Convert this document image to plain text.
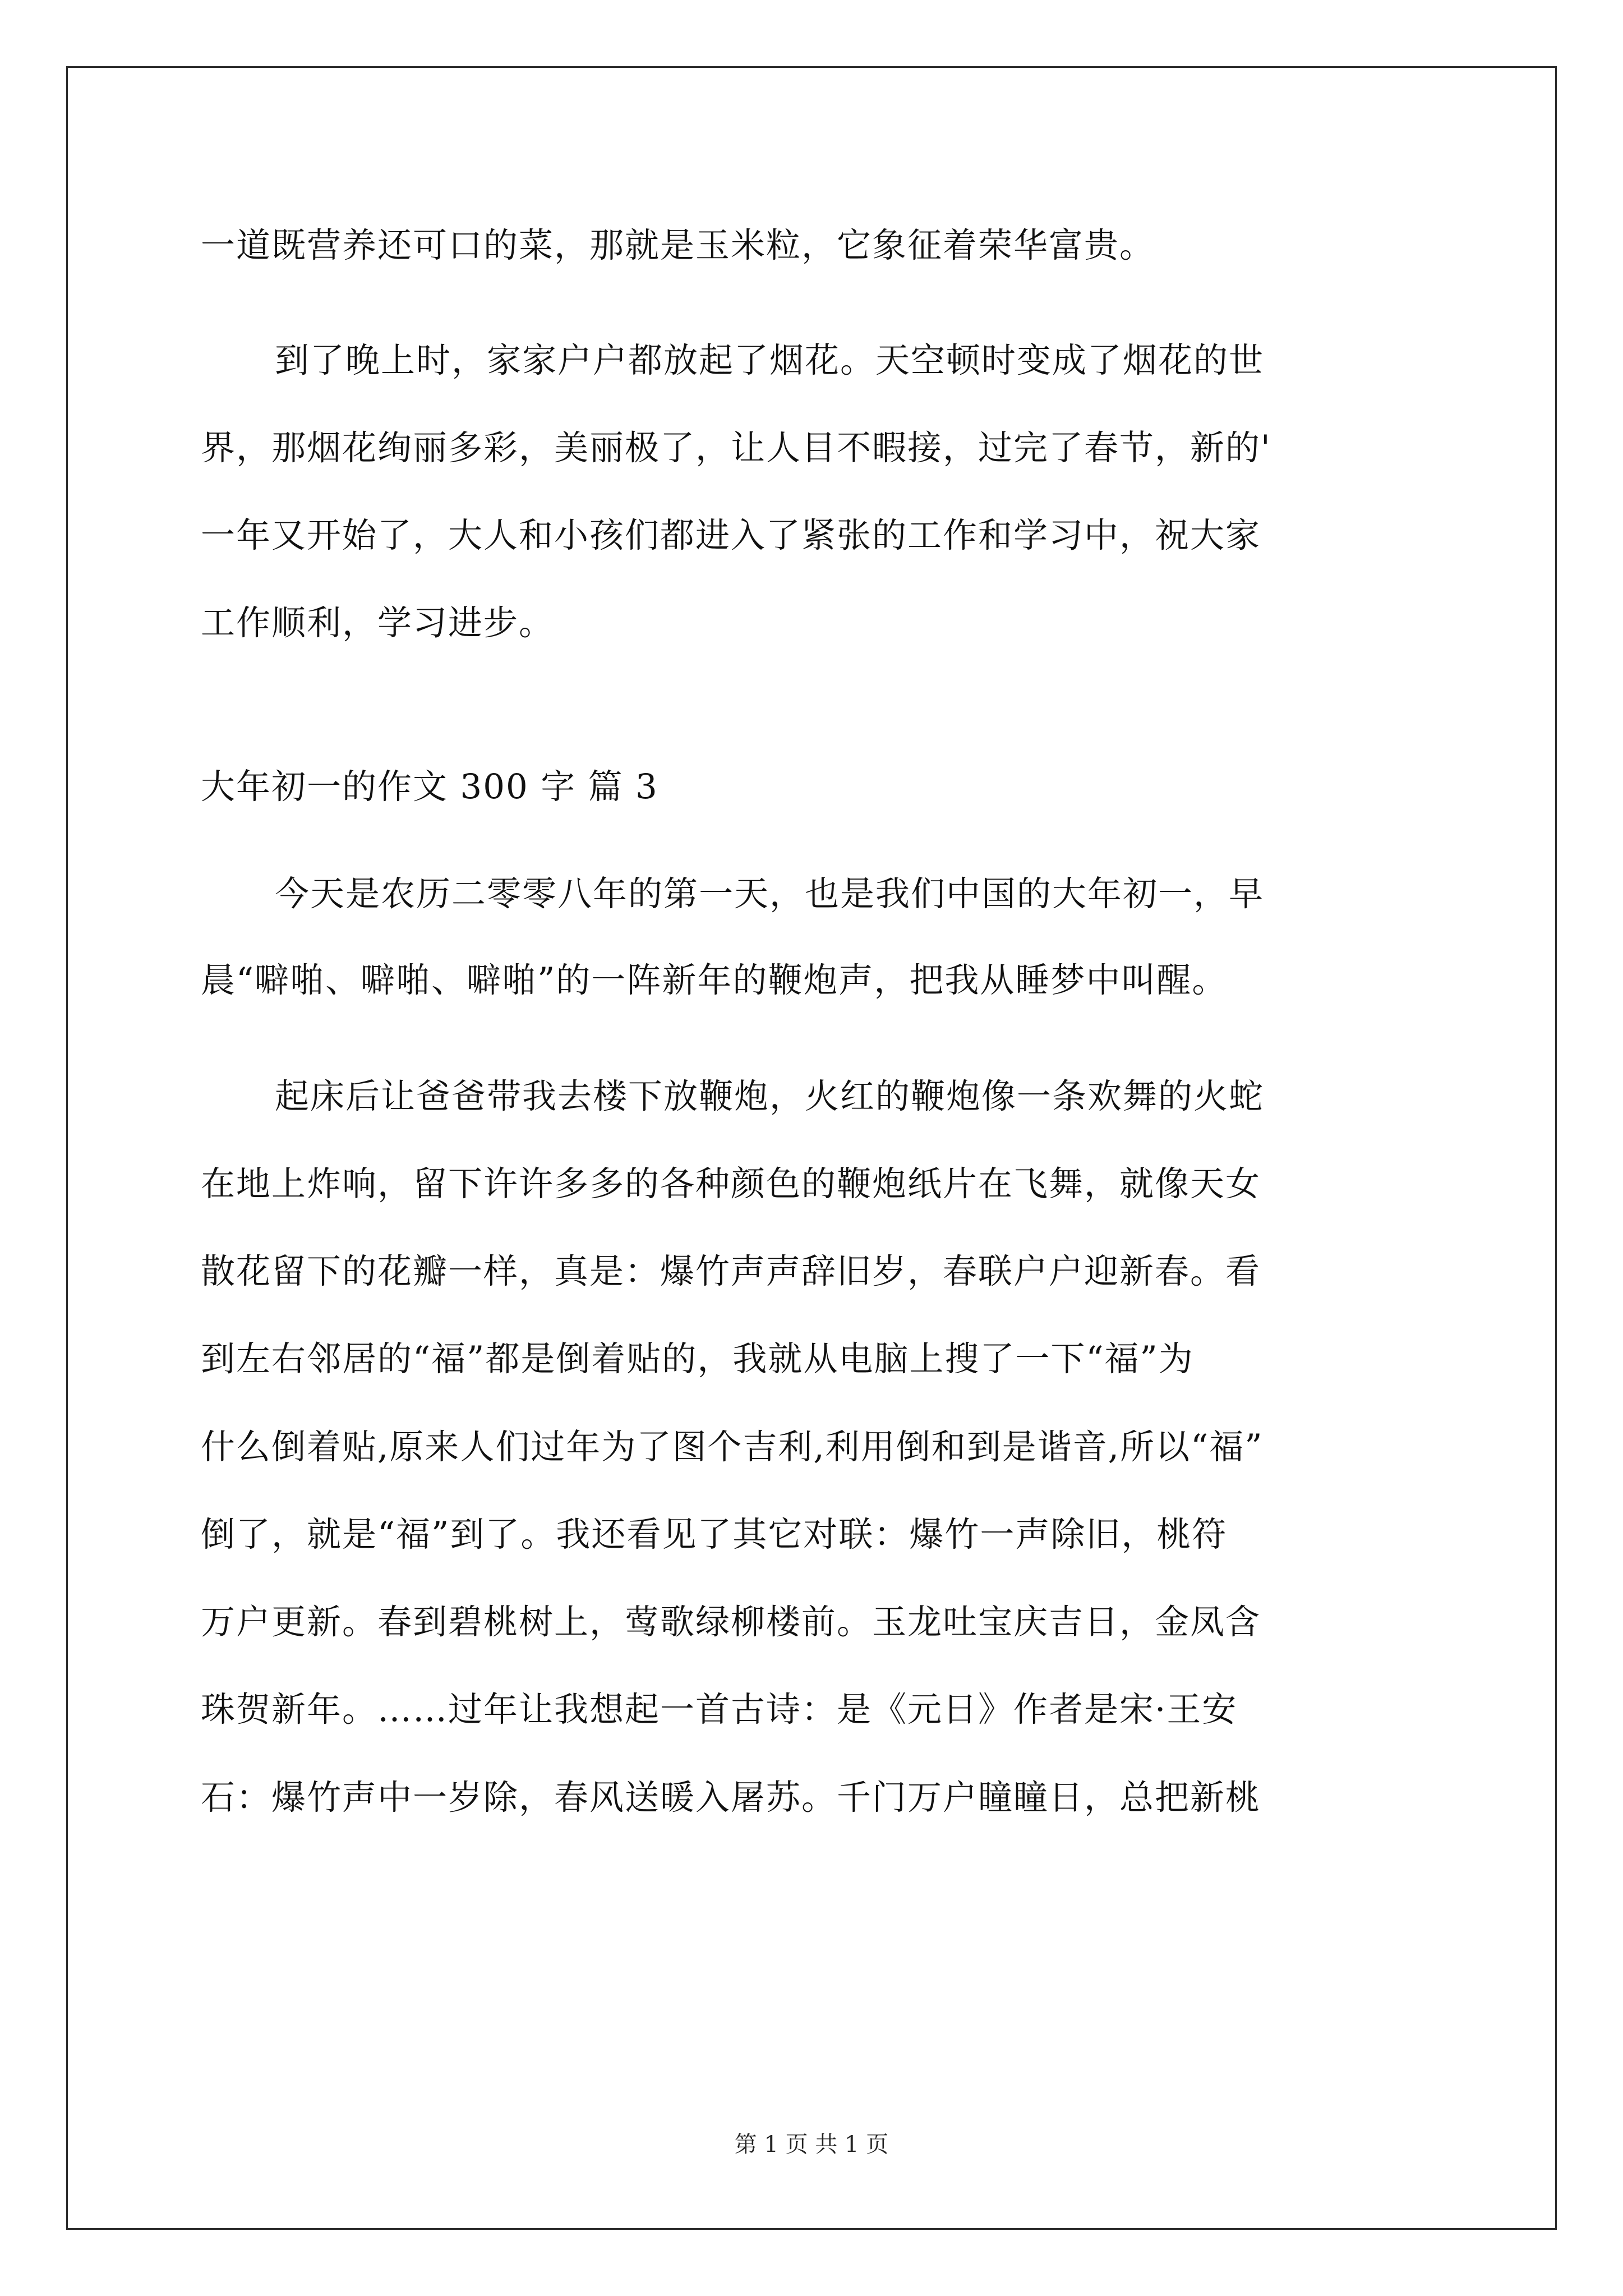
一道既营养还可口的菜，那就是玉米粒，它象征着荣华富贵。
到了晚上时，家家户户都放起了烟花。天空顿时变成了烟花的世
界，那烟花绚丽多彩，美丽极了，让人目不暇接，过完了春节，新的'
一年又开始了，大人和小孩们都进入了紧张的工作和学习中，祝大家
工作顺利，学习进步。
大年初一的作文 300 字 篇 3
今天是农历二零零八年的第一天，也是我们中国的大年初一，早
晨“噼啪、噼啪、噼啪”的一阵新年的鞭炮声，把我从睡梦中叫醒。
起床后让爸爸带我去楼下放鞭炮，火红的鞭炮像一条欢舞的火蛇
在地上炸响，留下许许多多的各种颜色的鞭炮纸片在飞舞，就像天女
散花留下的花瓣一样，真是：爆竹声声辞旧岁，春联户户迎新春。看
到左右邻居的“福”都是倒着贴的，我就从电脑上搜了一下“福”为
什么倒着贴,原来人们过年为了图个吉利,利用倒和到是谐音,所以“福”
倒了，就是“福”到了。我还看见了其它对联：爆竹一声除旧，桃符
万户更新。春到碧桃树上，莺歌绿柳楼前。玉龙吐宝庆吉日，金凤含
珠贺新年。……过年让我想起一首古诗：是《元日》作者是宋·王安
石：爆竹声中一岁除，春风送暖入屠苏。千门万户瞳瞳日，总把新桃
第 1 页 共 1 页
